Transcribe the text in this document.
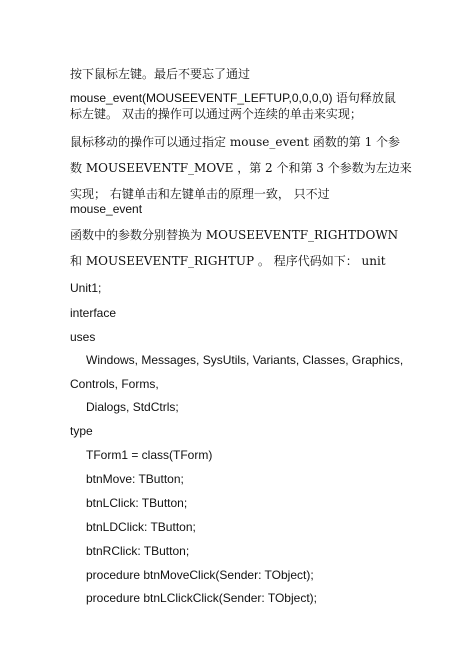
按下鼠标左键。最后不要忘了通过
mouse_event(MOUSEEVENTF_LEFTUP,0,0,0,0) 语句释放鼠
标左键。 双击的操作可以通过两个连续的单击来实现；
鼠标移动的操作可以通过指定 mouse_event 函数的第 1 个参
数 MOUSEEVENTF_MOVE ，第 2 个和第 3 个参数为左边来
实现； 右键单击和左键单击的原理一致， 只不过
mouse_event
函数中的参数分别替换为 MOUSEEVENTF_RIGHTDOWN
和 MOUSEEVENTF_RIGHTUP 。 程序代码如下： unit
Unit1;
interface
uses
Windows, Messages, SysUtils, Variants, Classes, Graphics,
Controls, Forms,
Dialogs, StdCtrls;
type
TForm1 = class(TForm)
btnMove: TButton;
btnLClick: TButton;
btnLDClick: TButton;
btnRClick: TButton;
procedure btnMoveClick(Sender: TObject);
procedure btnLClickClick(Sender: TObject);
